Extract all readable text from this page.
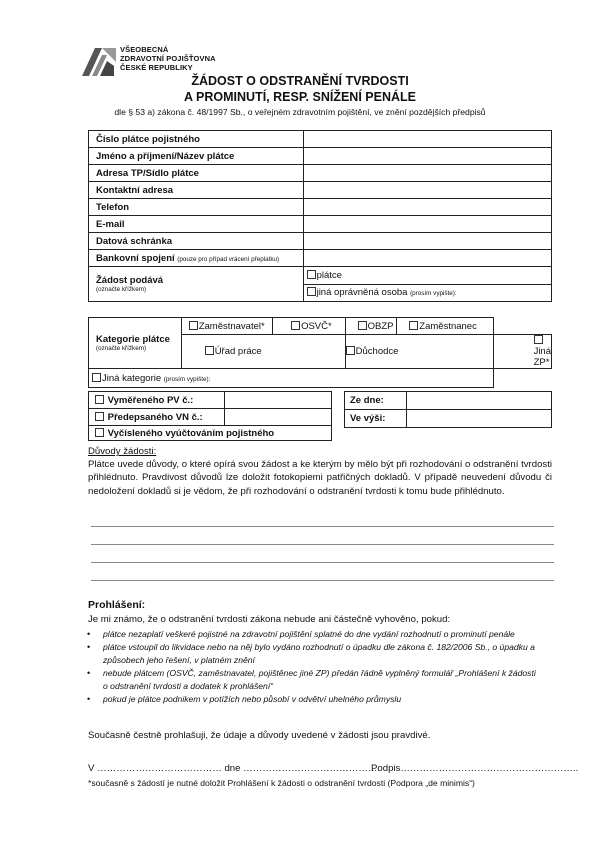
VŠEOBECNÁ
ZDRAVOTNÍ POJIŠŤOVNA
ČESKÉ REPUBLIKY
ŽÁDOST O ODSTRANĚNÍ TVRDOSTI
A PROMINUTÍ, RESP. SNÍŽENÍ PENÁLE
dle § 53 a) zákona č. 48/1997 Sb., o veřejném zdravotním pojištění, ve znění pozdějších předpisů
Číslo plátce pojistného	
Jméno a příjmení/Název plátce	
Adresa TP/Sídlo plátce	
Kontaktní adresa	
Telefon	
E-mail	
Datová schránka	
Bankovní spojení (pouze pro případ vrácení přeplatku)	

Žádost podává
(označte křížkem)	plátce
	jiná oprávněná osoba (prosím vypište):
Kategorie plátce
(označte křížkem)	Zaměstnavatel*	OSVČ*	OBZP	Zaměstnanec	
	Úřad práce		Důchodce		Jiná ZP*
Jiná kategorie (prosím vypište):					
Vyměřeného PV č.:	
Předepsaného VN č.:	
Vyčísleného vyúčtováním pojistného	
Ze dne:	
Ve výši:	
Důvody žádosti:
Plátce uvede důvody, o které opírá svou žádost a ke kterým by mělo být při rozhodování o odstranění tvrdosti přihlédnuto. Pravdivost důvodů lze doložit fotokopiemi patřičných dokladů. V případě neuvedení důvodu či nedoložení dokladů si je vědom, že při rozhodování o odstranění tvrdosti k tomu bude přihlédnuto.
Prohlášení:
Je mi známo, že o odstranění tvrdosti zákona nebude ani částečně vyhověno, pokud:
• plátce nezaplatí veškeré pojistné na zdravotní pojištění splatné do dne vydání rozhodnutí o prominutí penále
• plátce vstoupil do likvidace nebo na něj bylo vydáno rozhodnutí o úpadku dle zákona č. 182/2006 Sb., o úpadku a způsobech jeho řešení, v platném znění
• nebude plátcem (OSVČ, zaměstnavatel, pojištěnec jiné ZP) předán řádně vyplněný formulář „Prohlášení k žádosti o odstranění tvrdosti a dodatek k prohlášení“
• pokud je plátce podnikem v potížích nebo působí v odvětví uhelného průmyslu
Současně čestně prohlašuji, že údaje a důvody uvedené v žádosti jsou pravdivé.
V ………………………………… dne …………………………………….
Podpis………………………………………………..
*současně s žádostí je nutné doložit Prohlášení k žádosti o odstranění tvrdosti (Podpora „de minimis“)
